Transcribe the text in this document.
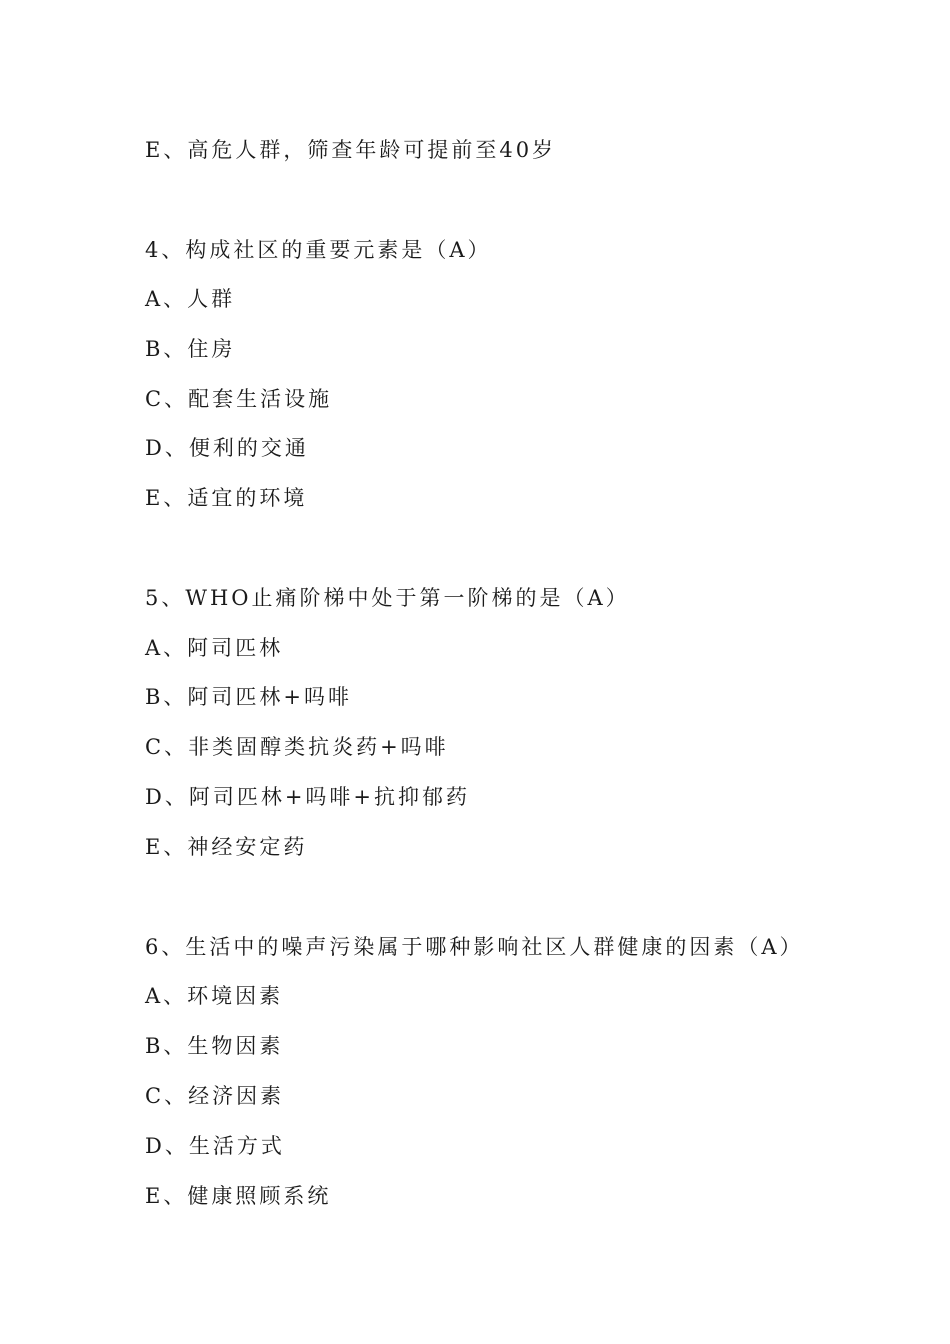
E、高危人群，筛查年龄可提前至40岁
4、构成社区的重要元素是（A）
A、人群
B、住房
C、配套生活设施
D、便利的交通
E、适宜的环境
5、WHO止痛阶梯中处于第一阶梯的是（A）
A、阿司匹林
B、阿司匹林+吗啡
C、非类固醇类抗炎药+吗啡
D、阿司匹林+吗啡+抗抑郁药
E、神经安定药
6、生活中的噪声污染属于哪种影响社区人群健康的因素（A）
A、环境因素
B、生物因素
C、经济因素
D、生活方式
E、健康照顾系统
